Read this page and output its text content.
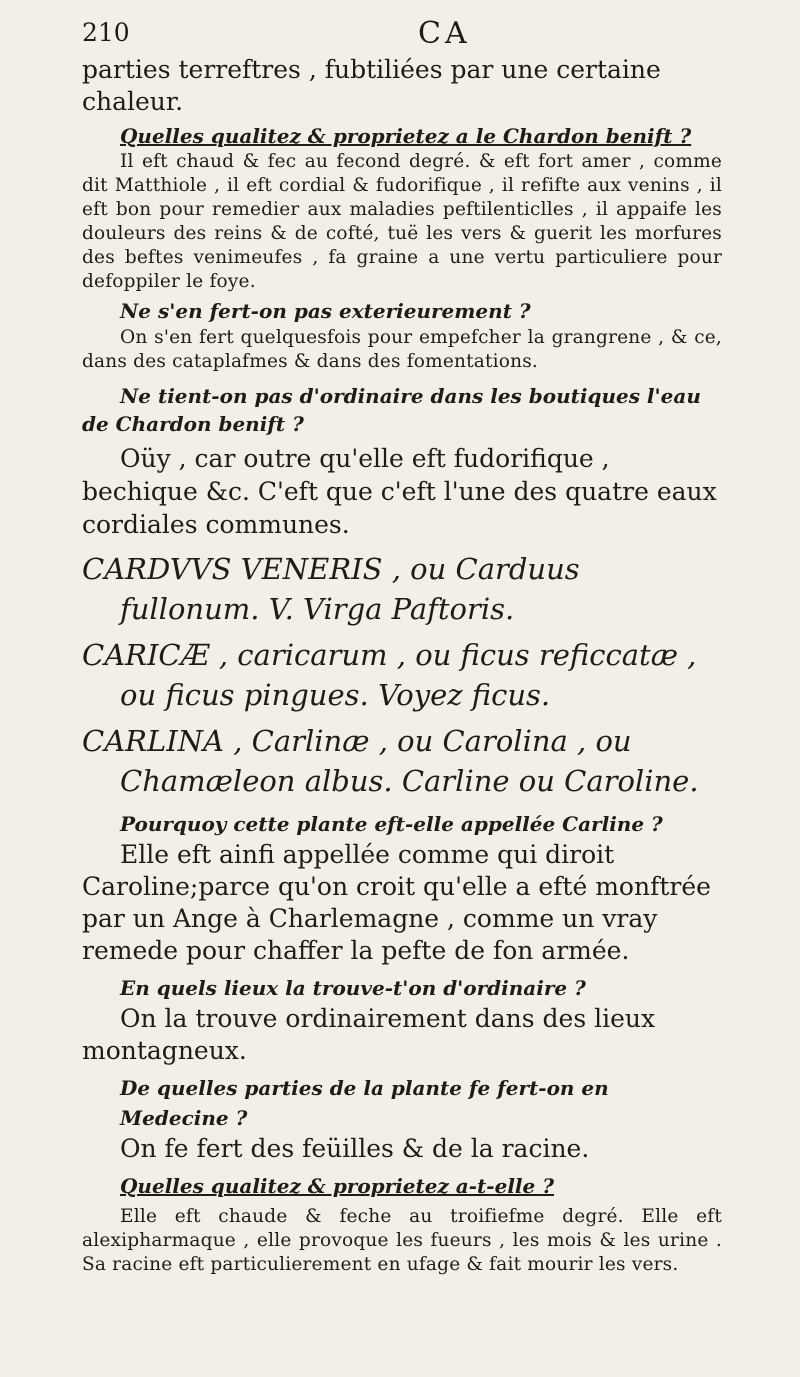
210	CA

parties terreftres , fubtiliées par une certaine chaleur.

Quelles qualitez & proprietez a le Chardon benift ?

Il eft chaud & fec au fecond degré. & eft fort amer , comme dit Matthiole , il eft cordial & fudorifique , il refifte aux venins , il eft bon pour remedier aux maladies peftilenticlles , il appaife les douleurs des reins & de cofté, tuë les vers & guerit les morfures des beftes venimeufes , fa graine a une vertu particuliere pour defoppiler le foye.

Ne s'en fert-on pas exterieurement ?

On s'en fert quelquesfois pour empefcher la grangrene , & ce, dans des cataplafmes & dans des fomentations.

Ne tient-on pas d'ordinaire dans les boutiques l'eau de Chardon benift ?

Oüy , car outre qu'elle eft fudorifique , bechique &c. C'eft que c'eft l'une des quatre eaux cordiales communes.

CARDVVS VENERIS , ou Carduus fullonum. V. Virga Paftoris.

CARICÆ , caricarum , ou ficus reficcatæ , ou ficus pingues. Voyez ficus.

CARLINA , Carlinæ , ou Carolina , ou Chamæleon albus. Carline ou Caroline.

Pourquoy cette plante eft-elle appellée Carline ?

Elle eft ainfi appellée comme qui diroit Caroline;parce qu'on croit qu'elle a efté monftrée par un Ange à Charlemagne , comme un vray remede pour chaffer la pefte de fon armée.

En quels lieux la trouve-t'on d'ordinaire ?

On la trouve ordinairement dans des lieux montagneux.

De quelles parties de la plante fe fert-on en Medecine ?

On fe fert des feüilles & de la racine.

Quelles qualitez & proprietez a-t-elle ?

Elle eft chaude & feche au troifiefme degré. Elle eft alexipharmaque , elle provoque les fueurs , les mois & les urine . Sa racine eft particulierement en ufage & fait mourir les vers.
